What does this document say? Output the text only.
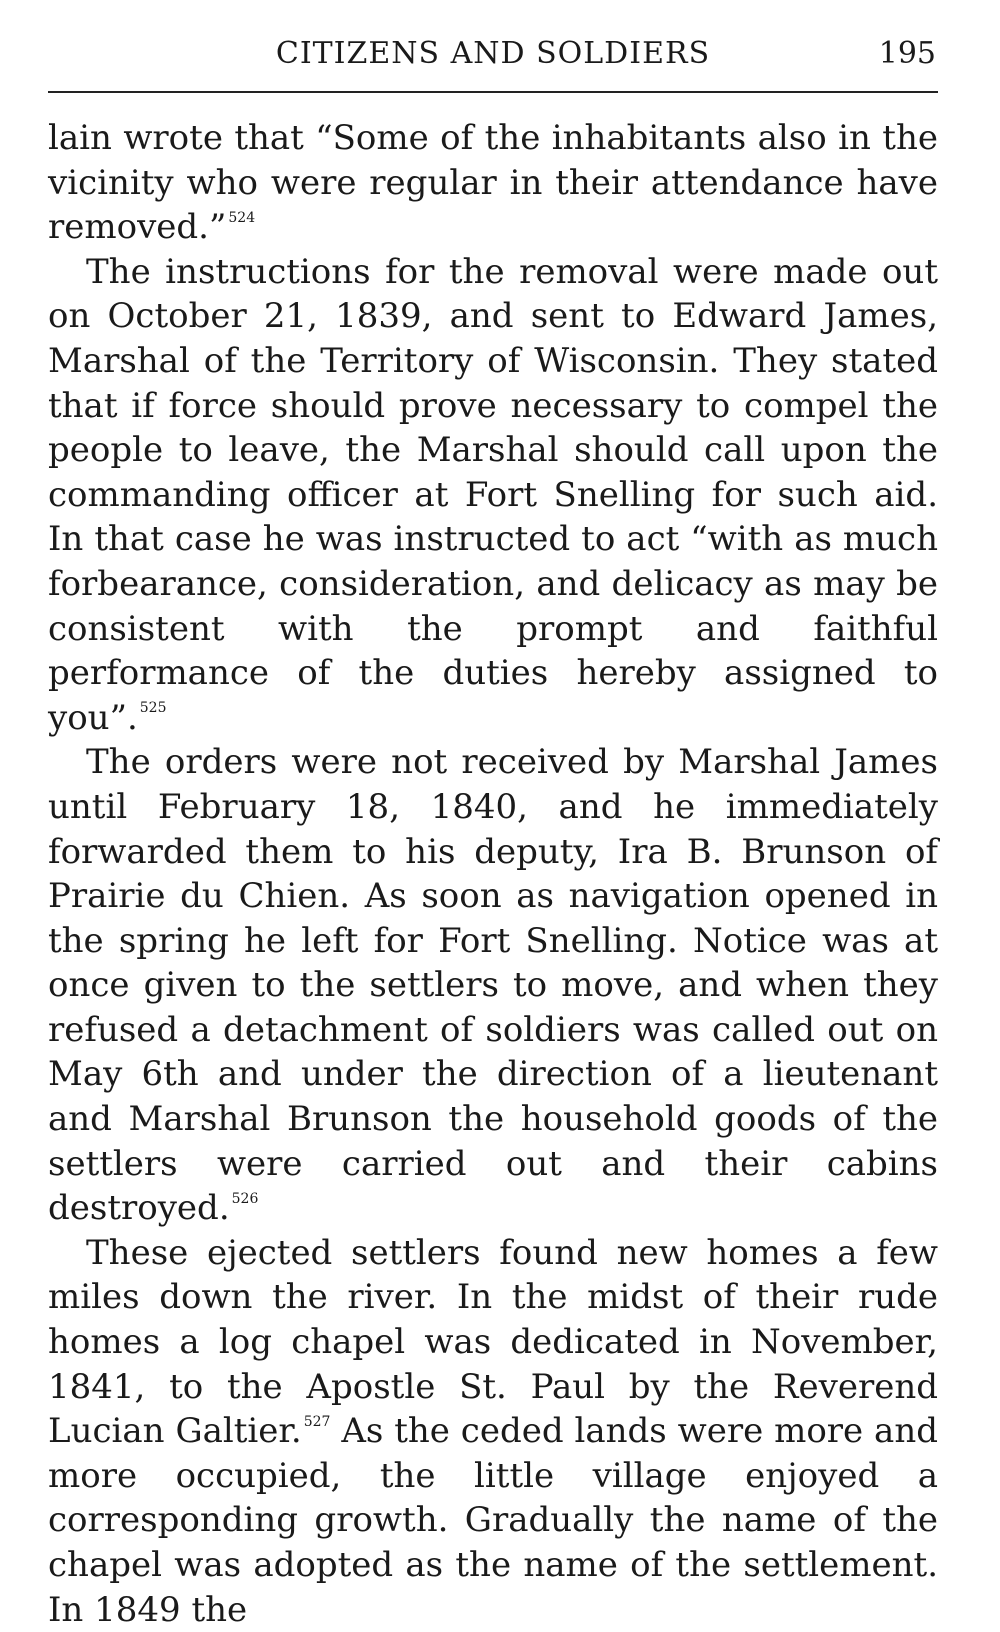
CITIZENS AND SOLDIERS	195

lain wrote that “Some of the inhabitants also in the vicinity who were regular in their attendance have removed.” $^{524}$

The instructions for the removal were made out on October 21, 1839, and sent to Edward James, Marshal of the Territory of Wisconsin. They stated that if force should prove necessary to compel the people to leave, the Marshal should call upon the commanding officer at Fort Snelling for such aid. In that case he was instructed to act “with as much forbearance, consideration, and delicacy as may be consistent with the prompt and faithful performance of the duties hereby assigned to you”. $^{525}$

The orders were not received by Marshal James until February 18, 1840, and he immediately forwarded them to his deputy, Ira B. Brunson of Prairie du Chien. As soon as navigation opened in the spring he left for Fort Snelling. Notice was at once given to the settlers to move, and when they refused a detachment of soldiers was called out on May 6th and under the direction of a lieutenant and Marshal Brunson the household goods of the settlers were carried out and their cabins destroyed. $^{526}$

These ejected settlers found new homes a few miles down the river. In the midst of their rude homes a log chapel was dedicated in November, 1841, to the Apostle St. Paul by the Reverend Lucian Galtier. $^{527}$ As the ceded lands were more and more occupied, the little village enjoyed a corresponding growth. Gradually the name of the chapel was adopted as the name of the settlement. In 1849 the
